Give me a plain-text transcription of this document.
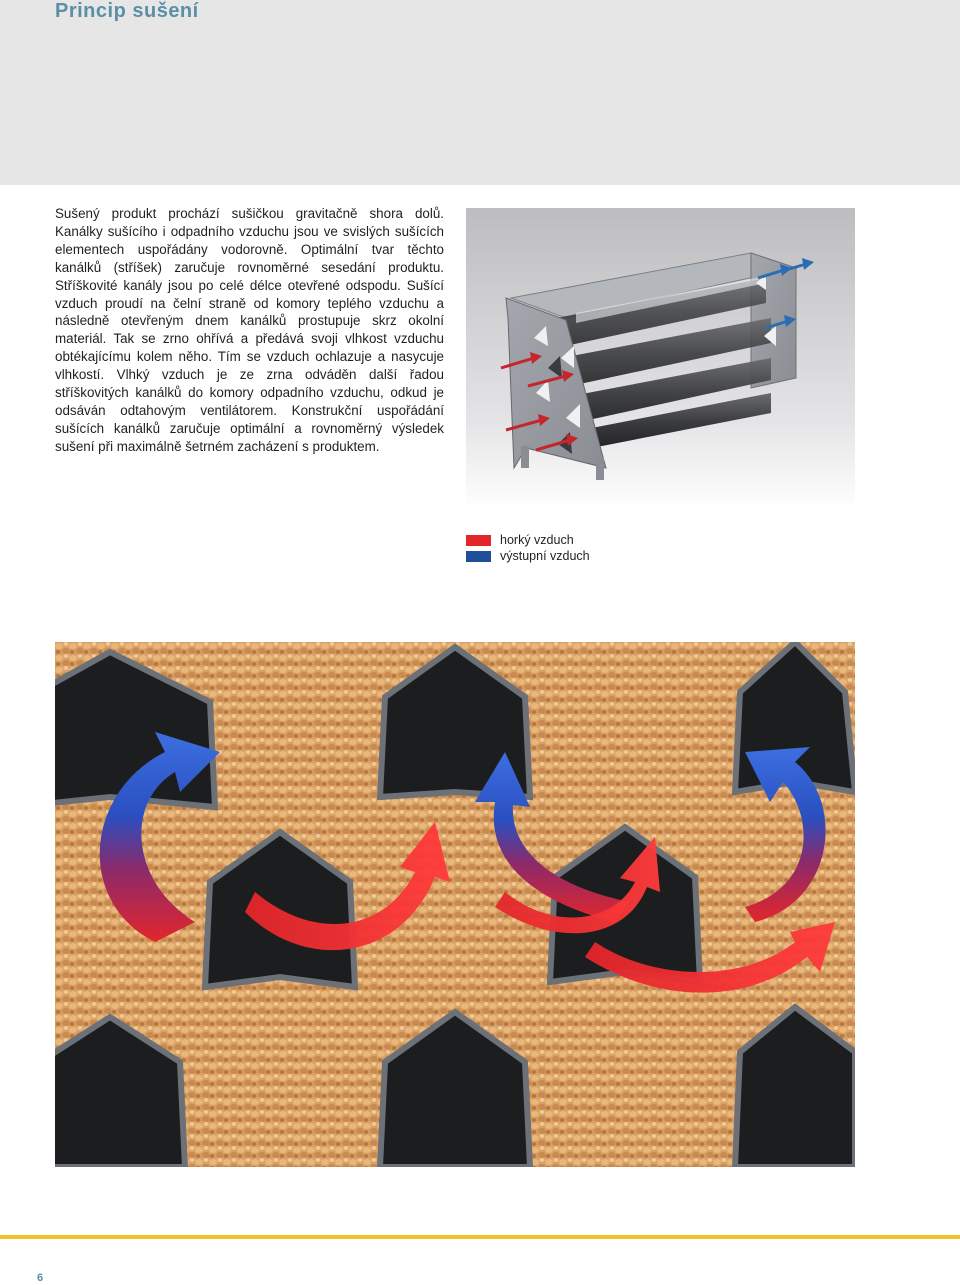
Princip sušení

Sušený produkt prochází sušičkou gravitačně shora dolů. Kanálky sušícího i odpadního vzduchu jsou ve svislých sušících elementech uspořádány vodorovně. Optimální tvar těchto kanálků (stříšek) zaručuje rovnoměrné sesedání produktu. Stříškovité kanály jsou po celé délce otevřené odspodu. Sušící vzduch proudí na čelní straně od komory teplého vzduchu a následně otevřeným dnem kanálků prostupuje skrz okolní materiál. Tak se zrno ohřívá a předává svoji vlhkost vzduchu obtékajícímu kolem něho. Tím se vzduch ochlazuje a nasycuje vlhkostí. Vlhký vzduch je ze zrna odváděn další řadou stříškovitých kanálků do komory odpadního vzduchu, odkud je odsáván odtahovým ventilátorem. Konstrukční uspořádání sušících kanálků zaručuje optimální a rovnoměrný výsledek sušení při maximálně šetrném zacházení s produktem.

horký vzduch
výstupní vzduch
6
